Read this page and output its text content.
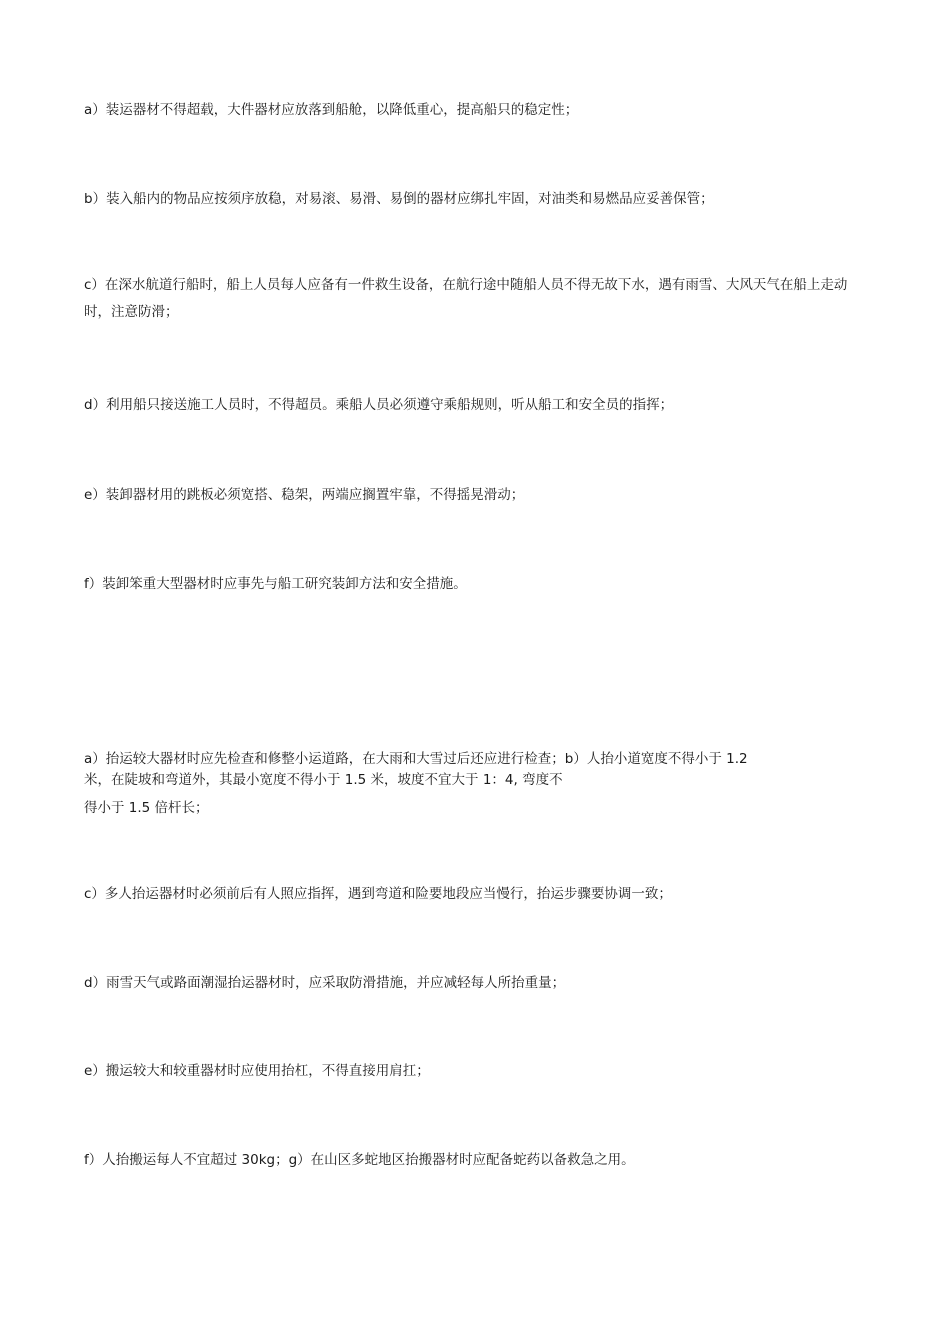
a）装运器材不得超载，大件器材应放落到船舱，以降低重心，提高船只的稳定性；

b）装入船内的物品应按须序放稳，对易滚、易滑、易倒的器材应绑扎牢固，对油类和易燃品应妥善保管；

c）在深水航道行船时，船上人员每人应备有一件救生设备，在航行途中随船人员不得无故下水，遇有雨雪、大风天气在船上走动时，注意防滑；

d）利用船只接送施工人员时，不得超员。乘船人员必须遵守乘船规则，听从船工和安全员的指挥；

e）装卸器材用的跳板必须宽搭、稳架，两端应搁置牢靠，不得摇晃滑动；

f）装卸笨重大型器材时应事先与船工研究装卸方法和安全措施。

a）抬运较大器材时应先检查和修整小运道路，在大雨和大雪过后还应进行检查；b）人抬小道宽度不得小于 1.2
米，在陡坡和弯道外，其最小宽度不得小于 1.5 米，坡度不宜大于 1：4, 弯度不
得小于 1.5 倍杆长；

c）多人抬运器材时必须前后有人照应指挥，遇到弯道和险要地段应当慢行，抬运步骤要协调一致；

d）雨雪天气或路面潮湿抬运器材时，应采取防滑措施，并应减轻每人所抬重量；

e）搬运较大和较重器材时应使用抬杠，不得直接用肩扛；

f）人抬搬运每人不宜超过 30kg；g）在山区多蛇地区抬搬器材时应配备蛇药以备救急之用。
